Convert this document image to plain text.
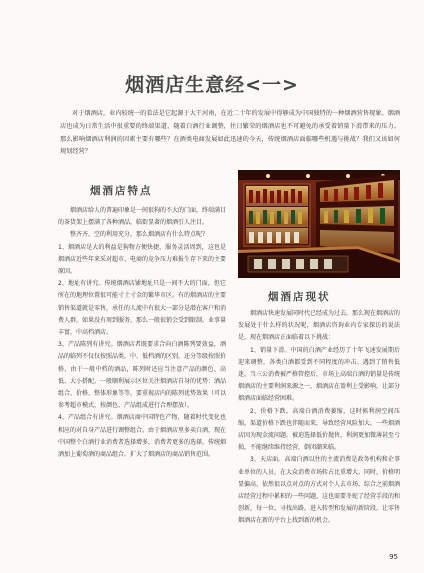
烟酒店生意经<一>
对于烟酒店，业内较统一的看法是它起源于大干河南，在近二十年的发展中得够成为中国独特的一种烟酒营售现象。烟酒店也成为日常生活中很重要的终端渠道，随着白酒行业调整，往日繁荣的烟酒店也不可避免的承受着销量下滑带来的压力。那么影响烟酒店利润的因素主要有哪些？在酒类电商发展如此迅速的今天，传统烟酒店面临哪些机遇与挑战？我们又该如何规划经营？
烟酒店特点

烟酒店给人的普遍印象是一间很狗的不大的门面，终端满目的茶货架上摆满了各种酒品，临街显著的烟酒引人注目。

整齐齐，空的利用充分。那么烟酒店有什么特点呢？

1、烟酒店是大的利益是狗物方便快捷，服务灵活周到，这也是烟酒店近些年来采对超市、电商的竞争压力难报生存下来的主要原因。

2、地址有讲究。传统烟酒店铺地址只是一间不大的门面，但它所在的地理位置很可能寸土寸金的繁华市区。有的烟酒店的主要销售渠道就是零售，承任的人流中有很大一部分是潜在客户和消费人群，如果没有周到服务，那么一般很销会受到限制。业事量丰富，中高档酒店。

3、产品陈列有讲究。烟酒店者既要求合向白酒陈列要效益，酒品的临列不仅仅按照品类，中、低档酒的区别，还分等级按照价格，由于一般中档的酒品，陈列时还应当注意产品的颜色、高低、大小搭配。一般顺利展示区位关注烟酒店自身的优势：酒品组合、价格、整体形象等等，要重视店内的陈列优势效果（可以参考超市模式，按颜色、产品组成进行合理摆放）。

4、产品组合有讲究。烟酒店商中国特色产物，随着时代变化也相应的对自身产品进行调整组合。由于烟酒店里多卖白酒，现在中国整个白酒行业消费者选择增多，消费者更多的选择，传统烟酒加上葡萄酒的商品组合。扩大了烟酒店的商品销售范围。

烟酒店现状

烟酒店快速发展同时代已经成为过去。那么现在烟酒店的发展处于什么样的状况呢，烟酒店咨询业内专家探访的说法是，现在烟酒店正面临着以下挑战：

1、销量下滑。中国的白酒产业经历了十年飞速发展期后迎来调整，各类白酒都受到不同程度的冲击。遇到了销售低迷，当三公消费被严格管控后，市场上高端白酒的销量是传统烟酒店的主要利润来源之一，烟酒店在盈利上受影响，让部分烟酒店面临经营困难。

2、价格下跌。高端白酒消费萎缩，这时候利润空间压缩，渠道价格下跌也伴随而来，导致经营风险加大。一些烟酒店因为现金流问题，被迫选择低价抛售，利润更加微薄甚至亏损，不能继续维持经营，倒闭潮来临。

3、天店面。高端白酒以往的主流消费是政务机构和企事业单位的人员，在大众消费市场转占比重增大。同时，价格明显偏高，依然很以点对点的方式对个人去市场，综合之前烟酒店经营过程中累积的一些问题，这也需要冬蛇了经营手段的和创新，每一位，寻找出路，进入转型和发展的新阶段，让零售烟酒店在新的平台上找到新的机会。

95
